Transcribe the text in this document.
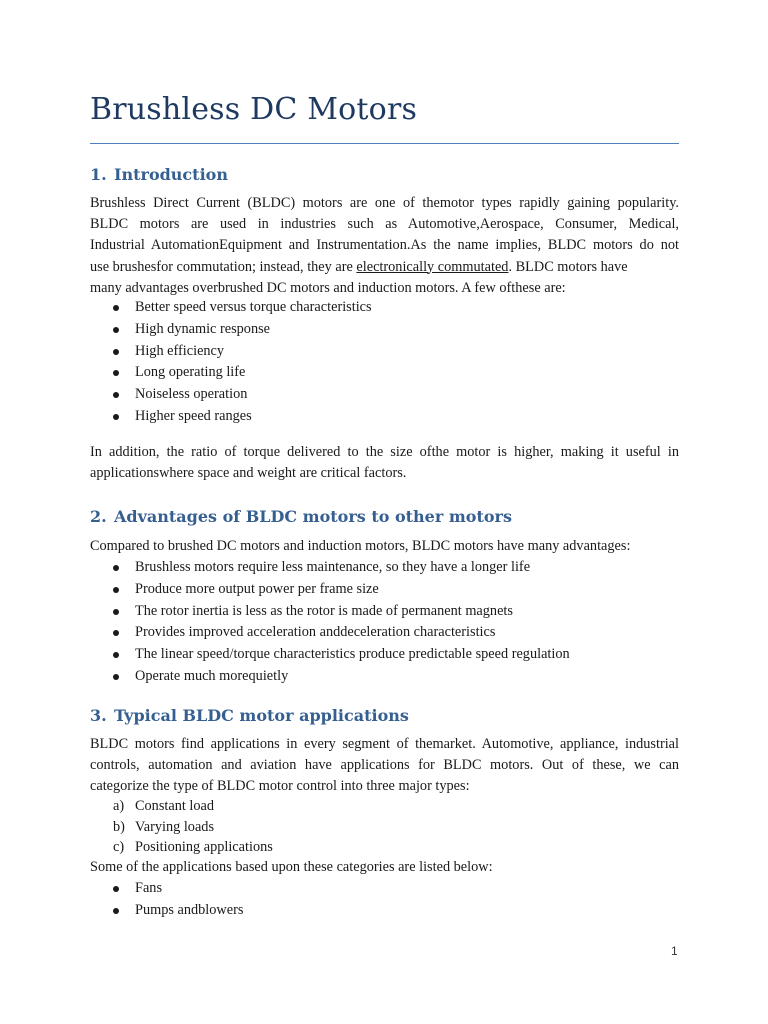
Brushless DC Motors
1. Introduction
Brushless Direct Current (BLDC) motors are one of themotor types rapidly gaining popularity.
BLDC motors are used in industries such as Automotive,Aerospace, Consumer, Medical,
Industrial AutomationEquipment and Instrumentation.As the name implies, BLDC motors do not
use brushesfor commutation; instead, they are electronically commutated. BLDC motors have
many advantages overbrushed DC motors and induction motors. A few ofthese are:
Better speed versus torque characteristics
High dynamic response
High efficiency
Long operating life
Noiseless operation
Higher speed ranges
In addition, the ratio of torque delivered to the size ofthe motor is higher, making it useful in
applicationswhere space and weight are critical factors.
2. Advantages of BLDC motors to other motors
Compared to brushed DC motors and induction motors, BLDC motors have many advantages:
Brushless motors require less maintenance, so they have a longer life
Produce more output power per frame size
The rotor inertia is less as the rotor is made of permanent magnets
Provides improved acceleration anddeceleration characteristics
The linear speed/torque characteristics produce predictable speed regulation
Operate much morequietly
3. Typical BLDC motor applications
BLDC motors find applications in every segment of themarket. Automotive, appliance, industrial
controls, automation and aviation have applications for BLDC motors. Out of these, we can
categorize the type of BLDC motor control into three major types:
a) Constant load
b) Varying loads
c) Positioning applications
Some of the applications based upon these categories are listed below:
Fans
Pumps andblowers
1
